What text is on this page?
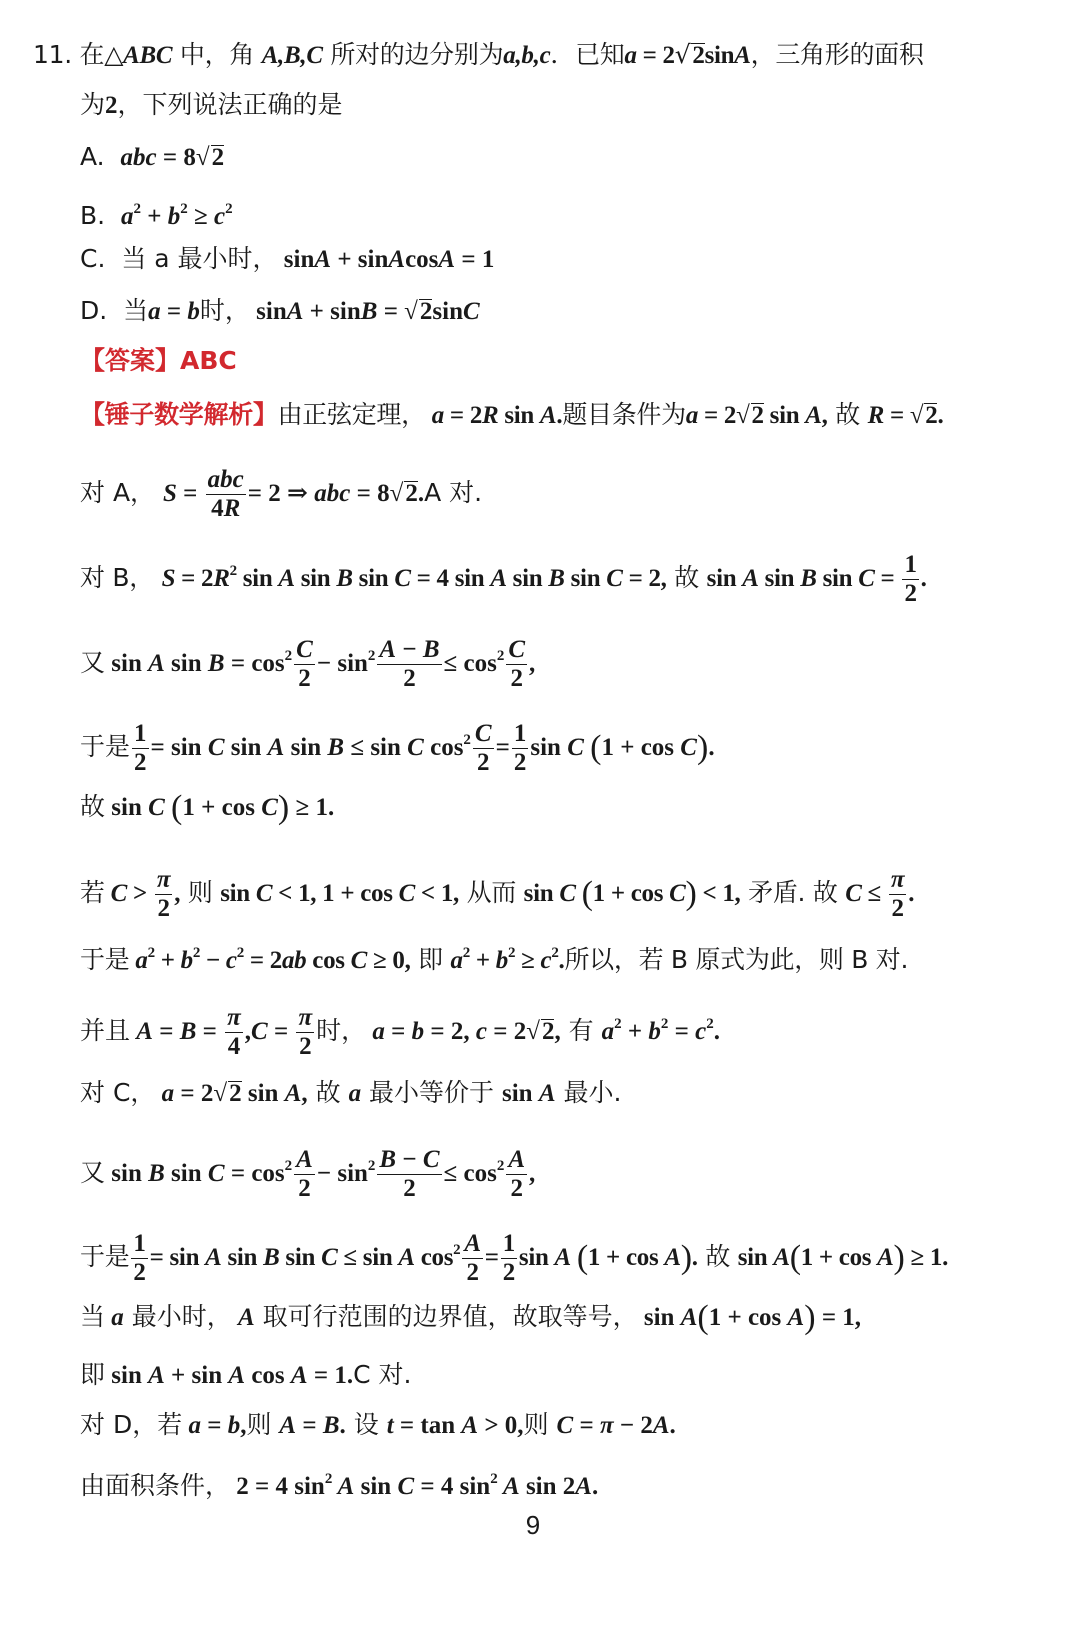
11. 在△ABC 中，角 A,B,C 所对的边分别为a,b,c．已知a = 2√2sinA，三角形的面积
为2，下列说法正确的是
A. abc = 8√2
B. $a^2 + b^2 \ge c^2$
C. 当 a 最小时， sinA + sinAcosA = 1
D. 当a = b时， sinA + sinB = √2sinC
【答案】ABC
【锤子数学解析】由正弦定理， a = 2R sin A.题目条件为a = 2√2 sin A, 故 R = √2.
对 A， $S = \frac{\text{abc}}{4R} = 2$ ⇒ abc = 8√2.A 对.
对 B， $S = 2R^2$ sin A sin B sin C = 4 sin A sin B sin C = 2, 故 sin A sin B $\sin C = \frac{1}{2}$ .
又 sin A $\sin B = \cos^2 \frac{C}{2} - \sin^2 \frac{A - B}{2} \le \cos^2 \frac{C}{2}$ ,
于是 $\frac{1}{2} = \sin C$ sin A sin B ≤ sin C $\cos^2 \frac{C}{2} = \frac{1}{2}$ sin C (1 + cos C).
故 sin C (1 + cos C) ≥ 1.
若 $C > \frac{\pi}{2}$ , 则 sin C < 1, 1 + cos C < 1, 从而 sin C (1 + cos C) < 1, 矛盾. 故 $C \le \frac{\pi}{2}$ .
于是 $a^2 + b^2 - c^2 = 2ab$ cos C ≥ 0, 即 $a^2 + b^2 \ge c^2$.所以，若 B 原式为此，则 B 对.
并且 $A = B = \frac{\pi}{4} ,C = \frac{\pi}{2}$ 时， a = b = 2, c = 2√2, 有 $a^2 + b^2 = c^2$.
对 C， a = 2√2 sin A, 故 a 最小等价于 sin A 最小.
又 sin B $\sin C = \cos^2 \frac{A}{2} - \sin^2 \frac{B - C}{2} \le \cos^2 \frac{A}{2}$ ,
于是 $\frac{1}{2} = \sin A$ sin B sin C ≤ sin A $\cos^2 \frac{A}{2} = \frac{1}{2}$ sin A (1 + cos A). 故 sin A(1 + cos A) ≥ 1.
当 a 最小时， A 取可行范围的边界值，故取等号， sin A(1 + cos A) = 1,
即 sin A + sin A cos A = 1.C 对.
对 D，若 a = b,则 A = B. 设 t = tan A > 0,则 C = π − 2A.
由面积条件， 2 = 4 $\sin^2 A$ sin C = 4 $\sin^2 A$ sin 2A.
9
